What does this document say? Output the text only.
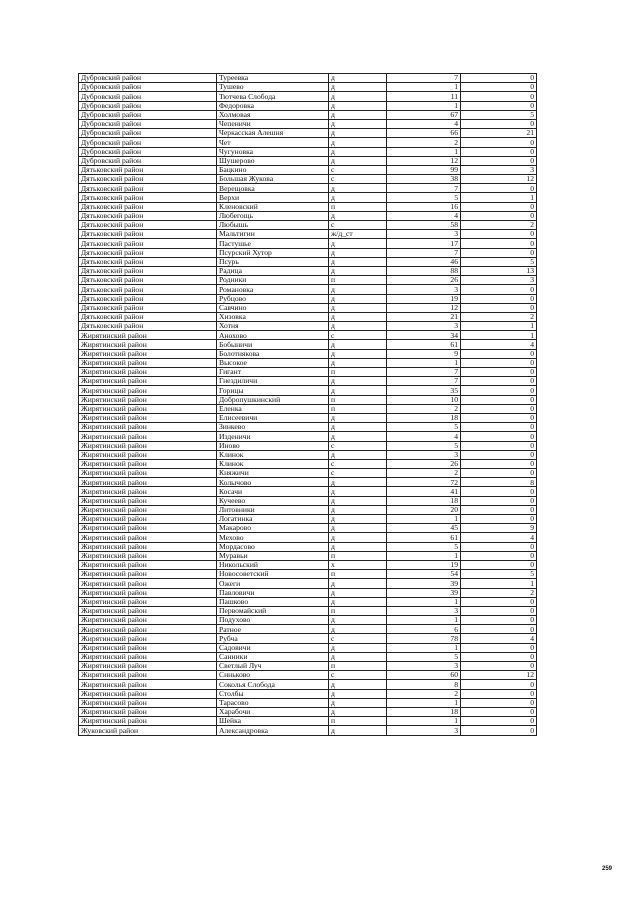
Дубровский район	Туреевка	д	7	0
Дубровский район	Тушево	д	1	0
Дубровский район	Тютчева Слобода	д	11	0
Дубровский район	Федоровка	д	1	0
Дубровский район	Холмовая	д	67	5
Дубровский район	Чепеничи	д	4	0
Дубровский район	Черкасская Алешня	д	66	21
Дубровский район	Чет	д	2	0
Дубровский район	Чугуновка	д	1	0
Дубровский район	Шушерово	д	12	0
Дятьковский район	Бацкино	с	99	3
Дятьковский район	Большая Жукова	с	38	12
Дятьковский район	Верещовка	д	7	0
Дятьковский район	Верхи	д	5	1
Дятьковский район	Кленовский	п	16	0
Дятьковский район	Любегощь	д	4	0
Дятьковский район	Любышь	с	58	2
Дятьковский район	Мальтигин	ж/д_ст	3	0
Дятьковский район	Пастушье	д	17	0
Дятьковский район	Псурский Хутор	д	7	0
Дятьковский район	Псурь	д	46	5
Дятьковский район	Радица	д	88	13
Дятьковский район	Родники	п	26	3
Дятьковский район	Романовка	д	3	0
Дятьковский район	Рубцово	д	19	0
Дятьковский район	Савчино	д	12	0
Дятьковский район	Хизовка	д	21	2
Дятьковский район	Хотня	д	3	1
Жирятинский район	Анохово	с	34	1
Жирятинский район	Бобыничи	д	61	4
Жирятинский район	Болотнякова	д	9	0
Жирятинский район	Высокое	д	1	0
Жирятинский район	Гигант	п	7	0
Жирятинский район	Гнездиличи	д	7	0
Жирятинский район	Горицы	д	35	0
Жирятинский район	Добропушкинский	п	10	0
Жирятинский район	Еленка	п	2	0
Жирятинский район	Елисеевичи	д	18	0
Жирятинский район	Зинкево	д	5	0
Жирятинский район	Изденичи	д	4	0
Жирятинский район	Иново	с	5	0
Жирятинский район	Клинок	д	3	0
Жирятинский район	Клинок	с	26	0
Жирятинский район	Княжичи	с	2	0
Жирятинский район	Колычово	д	72	8
Жирятинский район	Косачи	д	41	0
Жирятинский район	Кучеево	д	18	0
Жирятинский район	Литовники	д	20	0
Жирятинский район	Логатинка	д	1	0
Жирятинский район	Макарово	д	45	9
Жирятинский район	Мехово	д	61	4
Жирятинский район	Мордасово	д	5	0
Жирятинский район	Муравьи	п	1	0
Жирятинский район	Никольский	х	19	0
Жирятинский район	Новосоветский	п	54	5
Жирятинский район	Ожеги	д	39	1
Жирятинский район	Павловичи	д	39	2
Жирятинский район	Пашково	д	1	0
Жирятинский район	Первомайский	п	3	0
Жирятинский район	Подухово	д	1	0
Жирятинский район	Ратное	д	6	0
Жирятинский район	Рубча	с	78	4
Жирятинский район	Садовичи	д	1	0
Жирятинский район	Санники	д	5	0
Жирятинский район	Светлый Луч	п	3	0
Жирятинский район	Синьково	с	60	12
Жирятинский район	Соколья Слобода	д	8	0
Жирятинский район	Столбы	д	2	0
Жирятинский район	Тарасово	д	1	0
Жирятинский район	Харабочи	д	18	0
Жирятинский район	Шейка	п	1	0
Жуковский район	Александровка	д	3	0
259
